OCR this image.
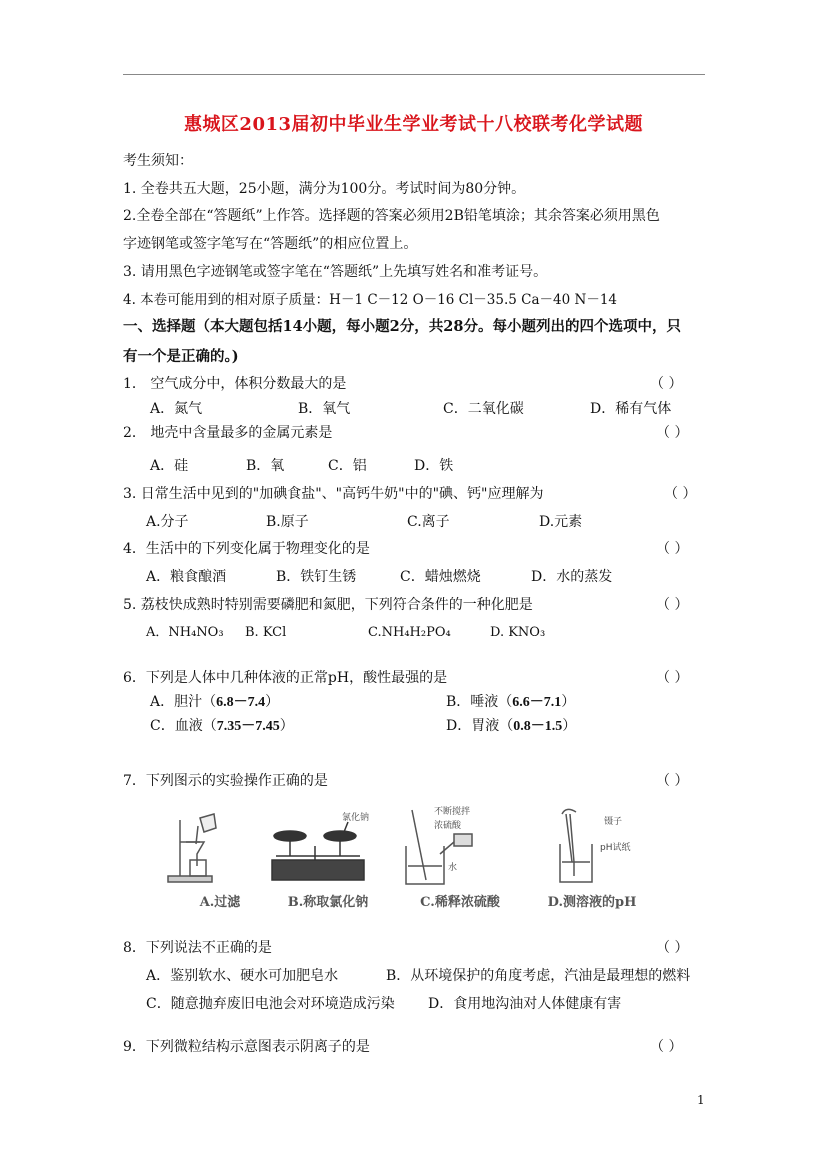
惠城区2013届初中毕业生学业考试十八校联考化学试题
考生须知：
1. 全卷共五大题，25小题，满分为100分。考试时间为80分钟。
2.全卷全部在“答题纸”上作答。选择题的答案必须用2B铅笔填涂；其余答案必须用黑色
字迹钢笔或签字笔写在“答题纸”的相应位置上。
3. 请用黑色字迹钢笔或签字笔在“答题纸”上先填写姓名和准考证号。
4. 本卷可能用到的相对原子质量：H－1 C－12 O－16 Cl－35.5 Ca－40 N－14
一、选择题（本大题包括14小题，每小题2分，共28分。每小题列出的四个选项中，只
有一个是正确的。)
1． 空气成分中，体积分数最大的是	（ ）
A．氮气	B．氧气	C．二氧化碳	D．稀有气体
2． 地壳中含量最多的金属元素是	（ ）
A．硅	B．氧	C．铝	D．铁
3. 日常生活中见到的"加碘食盐"、"高钙牛奶"中的"碘、钙"应理解为	（ ）
A.分子	B.原子	C.离子	D.元素
4．生活中的下列变化属于物理变化的是	（ ）
A．粮食酿酒	B．铁钉生锈	C．蜡烛燃烧	D．水的蒸发
5. 荔枝快成熟时特别需要磷肥和氮肥，下列符合条件的一种化肥是	（ ）
A．NH₄NO₃ B. KCl	C.NH₄H₂PO₄	D. KNO₃
6．下列是人体中几种体液的正常pH，酸性最强的是	（ ）
A．胆汁（6.8－7.4）	B．唾液（6.6－7.1）
C．血液（7.35－7.45）	D．胃液（0.8－1.5）
7．下列图示的实验操作正确的是	（ ）
A.过滤
氯化钠
B.称取氯化钠
不断搅拌
浓硫酸
水
C.稀释浓硫酸
镊子
pH试纸
D.测溶液的pH
8．下列说法不正确的是	（ ）
A．鉴别软水、硬水可加肥皂水	B．从环境保护的角度考虑，汽油是最理想的燃料
C．随意抛弃废旧电池会对环境造成污染 D．食用地沟油对人体健康有害
9．下列微粒结构示意图表示阴离子的是	（ ）
1
